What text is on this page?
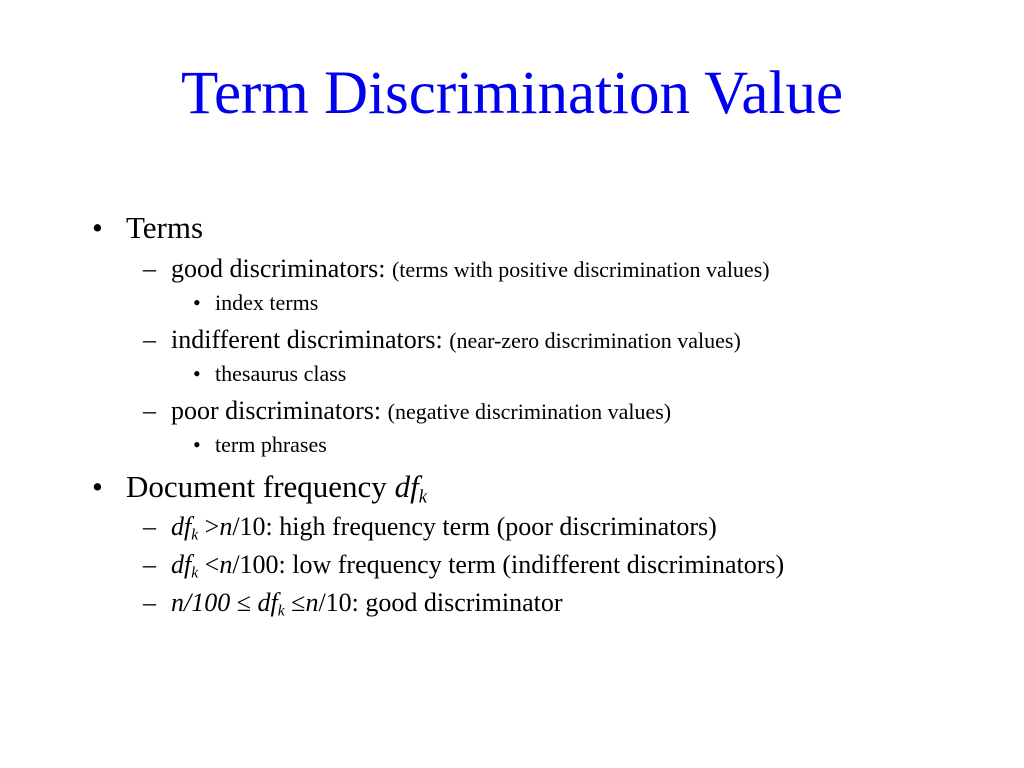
Term Discrimination Value
• Terms
– good discriminators: (terms with positive discrimination values)
• index terms
– indifferent discriminators: (near-zero discrimination values)
• thesaurus class
– poor discriminators: (negative discrimination values)
• term phrases
• Document frequency $df_k$
– $df_k >n/10$: high frequency term (poor discriminators)
– $df_k <n/100$: low frequency term (indifferent discriminators)
– $n/100 \le df_k \le n/10$: good discriminator
